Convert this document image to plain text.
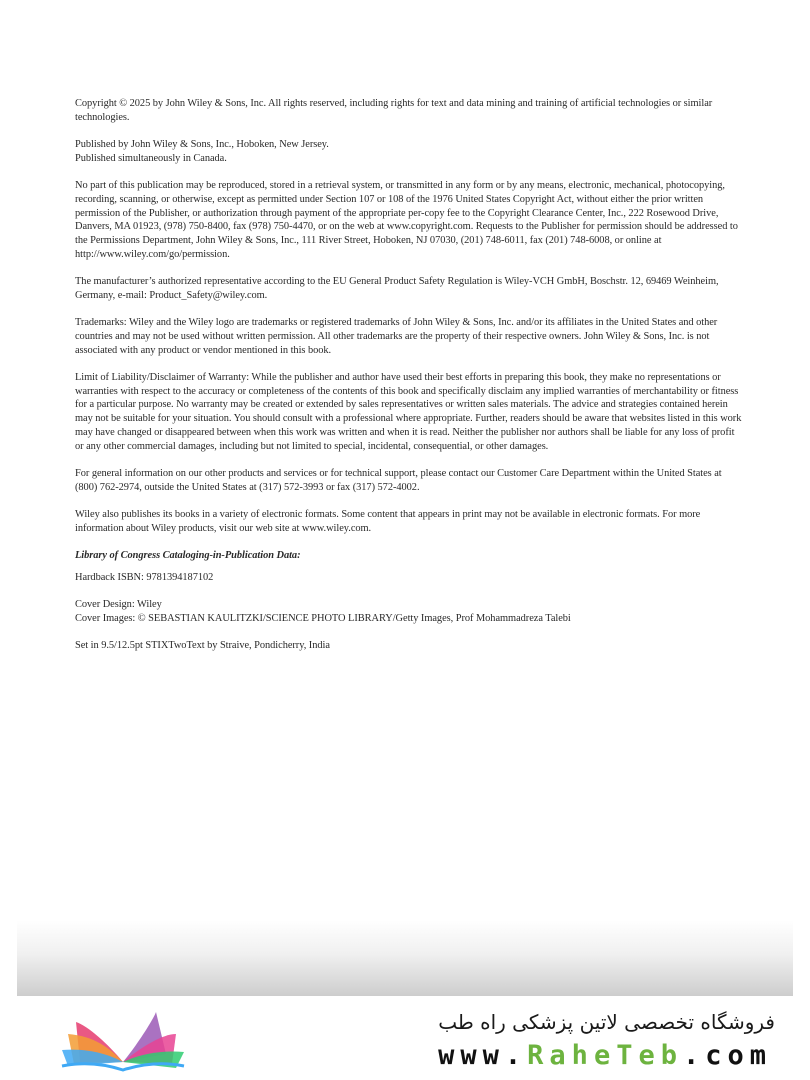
Copyright © 2025 by John Wiley & Sons, Inc. All rights reserved, including rights for text and data mining and training of artificial technologies or similar technologies.

Published by John Wiley & Sons, Inc., Hoboken, New Jersey.
Published simultaneously in Canada.

No part of this publication may be reproduced, stored in a retrieval system, or transmitted in any form or by any means, electronic, mechanical, photocopying, recording, scanning, or otherwise, except as permitted under Section 107 or 108 of the 1976 United States Copyright Act, without either the prior written permission of the Publisher, or authorization through payment of the appropriate per-copy fee to the Copyright Clearance Center, Inc., 222 Rosewood Drive, Danvers, MA 01923, (978) 750-8400, fax (978) 750-4470, or on the web at www.copyright.com. Requests to the Publisher for permission should be addressed to the Permissions Department, John Wiley & Sons, Inc., 111 River Street, Hoboken, NJ 07030, (201) 748-6011, fax (201) 748-6008, or online at http://www.wiley.com/go/permission.

The manufacturer’s authorized representative according to the EU General Product Safety Regulation is Wiley-VCH GmbH, Boschstr. 12, 69469 Weinheim, Germany, e-mail: Product_Safety@wiley.com.

Trademarks: Wiley and the Wiley logo are trademarks or registered trademarks of John Wiley & Sons, Inc. and/or its affiliates in the United States and other countries and may not be used without written permission. All other trademarks are the property of their respective owners. John Wiley & Sons, Inc. is not associated with any product or vendor mentioned in this book.

Limit of Liability/Disclaimer of Warranty: While the publisher and author have used their best efforts in preparing this book, they make no representations or warranties with respect to the accuracy or completeness of the contents of this book and specifically disclaim any implied warranties of merchantability or fitness for a particular purpose. No warranty may be created or extended by sales representatives or written sales materials. The advice and strategies contained herein may not be suitable for your situation. You should consult with a professional where appropriate. Further, readers should be aware that websites listed in this work may have changed or disappeared between when this work was written and when it is read. Neither the publisher nor authors shall be liable for any loss of profit or any other commercial damages, including but not limited to special, incidental, consequential, or other damages.

For general information on our other products and services or for technical support, please contact our Customer Care Department within the United States at (800) 762-2974, outside the United States at (317) 572-3993 or fax (317) 572-4002.

Wiley also publishes its books in a variety of electronic formats. Some content that appears in print may not be available in electronic formats. For more information about Wiley products, visit our web site at www.wiley.com.

Library of Congress Cataloging-in-Publication Data:

Hardback ISBN: 9781394187102

Cover Design: Wiley
Cover Images: © SEBASTIAN KAULITZKI/SCIENCE PHOTO LIBRARY/Getty Images, Prof Mohammadreza Talebi

Set in 9.5/12.5pt STIXTwoText by Straive, Pondicherry, India

فروشگاه تخصصی لاتین پزشکی راه طب
www.RaheTeb.com
